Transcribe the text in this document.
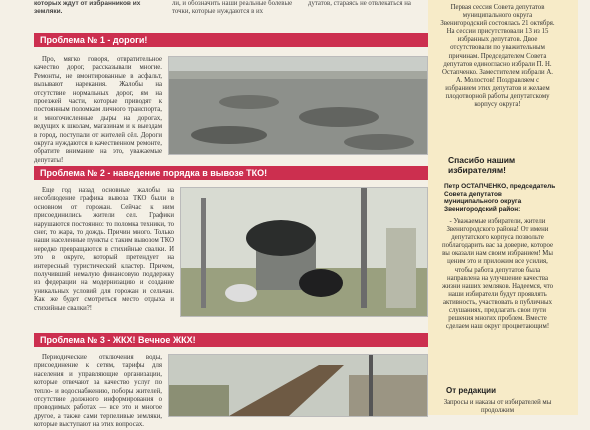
которых ждут от избранников их земляки.
ли, и обозначить наши реальные болевые точки, которые нуждаются в их
дутатов, стараясь не отвлекаться на
Проблема № 1 - дороги!

Про, мягко говоря, отвратительное качество дорог, рассказывали многие. Ремонты, не вмонтированные в асфальт, вызывают нарекания. Жалобы на отсутствие нормальных дорог, ям на проезжей части, которые приводят к постоянным поломкам личного транспорта, и многочисленные дыры на дорогах, ведущих к школам, магазинам и к выездам в город, поступали от жителей сёл. Дороги округа нуждаются в качественном ремонте, обратите внимание на это, уважаемые депутаты!

Проблема № 2 - наведение порядка в вывозе ТКО!

Еще год назад основные жалобы на несоблюдение графика вывоза ТКО были в основном от горожан. Сейчас к ним присоединились жители сел. Графики нарушаются постоянно: то поломка техники, то снег, то жара, то дождь. Причин много. Только наши населенные пункты с таким вывозом ТКО нередко превращаются в стихийные свалки. И это в округе, который претендует на интересный туристический кластер. Причем, получивший немалую финансовую поддержку из федерации на модернизацию и создание уникальных условий для горожан и сельчан. Как же будет смотреться место отдыха и стихийные свалки?!

Проблема № 3 - ЖКХ! Вечное ЖКХ!

Периодические отключения воды, присоединение к сетям, тарифы для населения и управляющие организации, которые отвечают за качество услуг по тепло- и водоснабжению, поборы жителей, отсутствие должного информирования о проводимых работах — все это и многое другое, а также сами терпеливые земляки, которые выступают на этих вопросах.

Первая сессия Совета депутатов муниципального округа Звенигородский состоялась 21 октября. На сессии присутствовали 13 из 15 избранных депутатов. Двое отсутствовали по уважительным причинам. Председателем Совета депутатов единогласно избрали П. Н. Остапченко. Заместителем избрали А. А. Молостов! Поздравляем с избранием этих депутатов и желаем плодотворной работы депутатскому корпусу округа!
Спасибо нашим избирателям!
Петр ОСТАПЧЕНКО, председатель Совета депутатов муниципального округа Звенигородский район:
- Уважаемые избиратели, жители Звенигородского района! От имени депутатского корпуса позвольте поблагодарить вас за доверие, которое вы оказали нам своим избранием! Мы ценим это и приложим все усилия, чтобы работа депутатов была направлена на улучшение качества жизни наших земляков. Надеемся, что наши избиратели будут проявлять активность, участвовать в публичных слушаниях, предлагать свои пути решения многих проблем. Вместе сделаем наш округ процветающим!
От редакции
Запросы и наказы от избирателей мы продолжим
